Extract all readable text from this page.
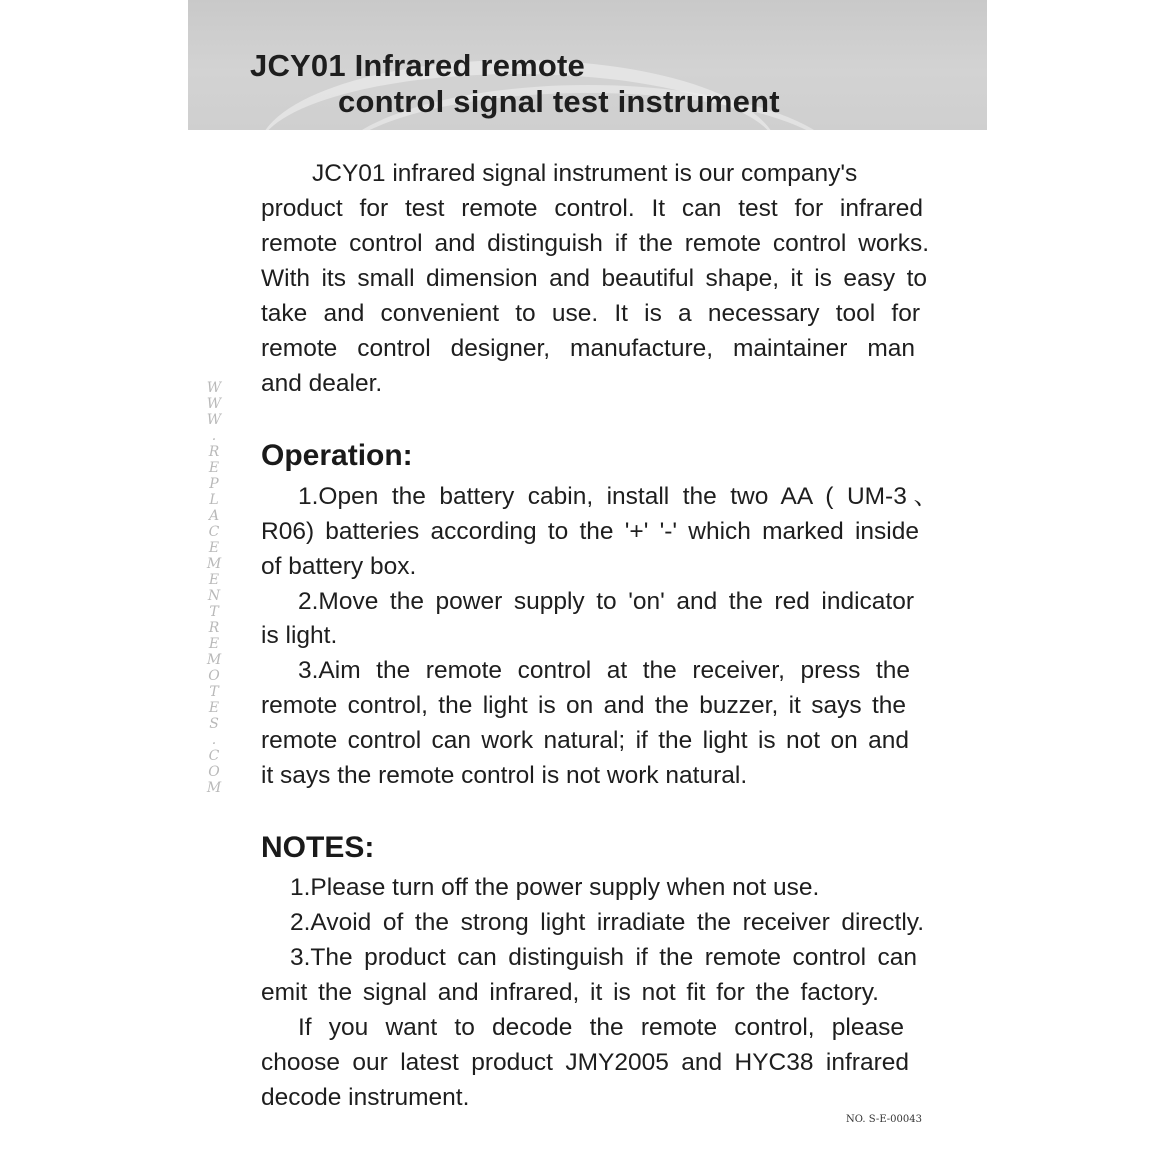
JCY01 Infrared remote
control signal test instrument
WWW.REPLACEMENTREMOTES.COM

JCY01 infrared signal instrument is our company's

product for test remote control. It can test for infrared

remote control and distinguish if the remote control works.

With its small dimension and beautiful shape, it is easy to

take and convenient to use. It is a necessary tool for

remote control designer, manufacture, maintainer man

and dealer.

Operation:

1.Open the battery cabin, install the two AA ( UM-3、

R06) batteries according to the '+' '-' which marked inside

of battery box.

2.Move the power supply to 'on' and the red indicator

is light.

3.Aim the remote control at the receiver, press the

remote control, the light is on and the buzzer, it says the

remote control can work natural; if the light is not on and

it says the remote control is not work natural.

NOTES:

1.Please turn off the power supply when not use.

2.Avoid of the strong light irradiate the receiver directly.

3.The product can distinguish if the remote control can

emit the signal and infrared, it is not fit for the factory.

If you want to decode the remote control, please

choose our latest product JMY2005 and HYC38 infrared

decode instrument.

NO. S-E-00043
